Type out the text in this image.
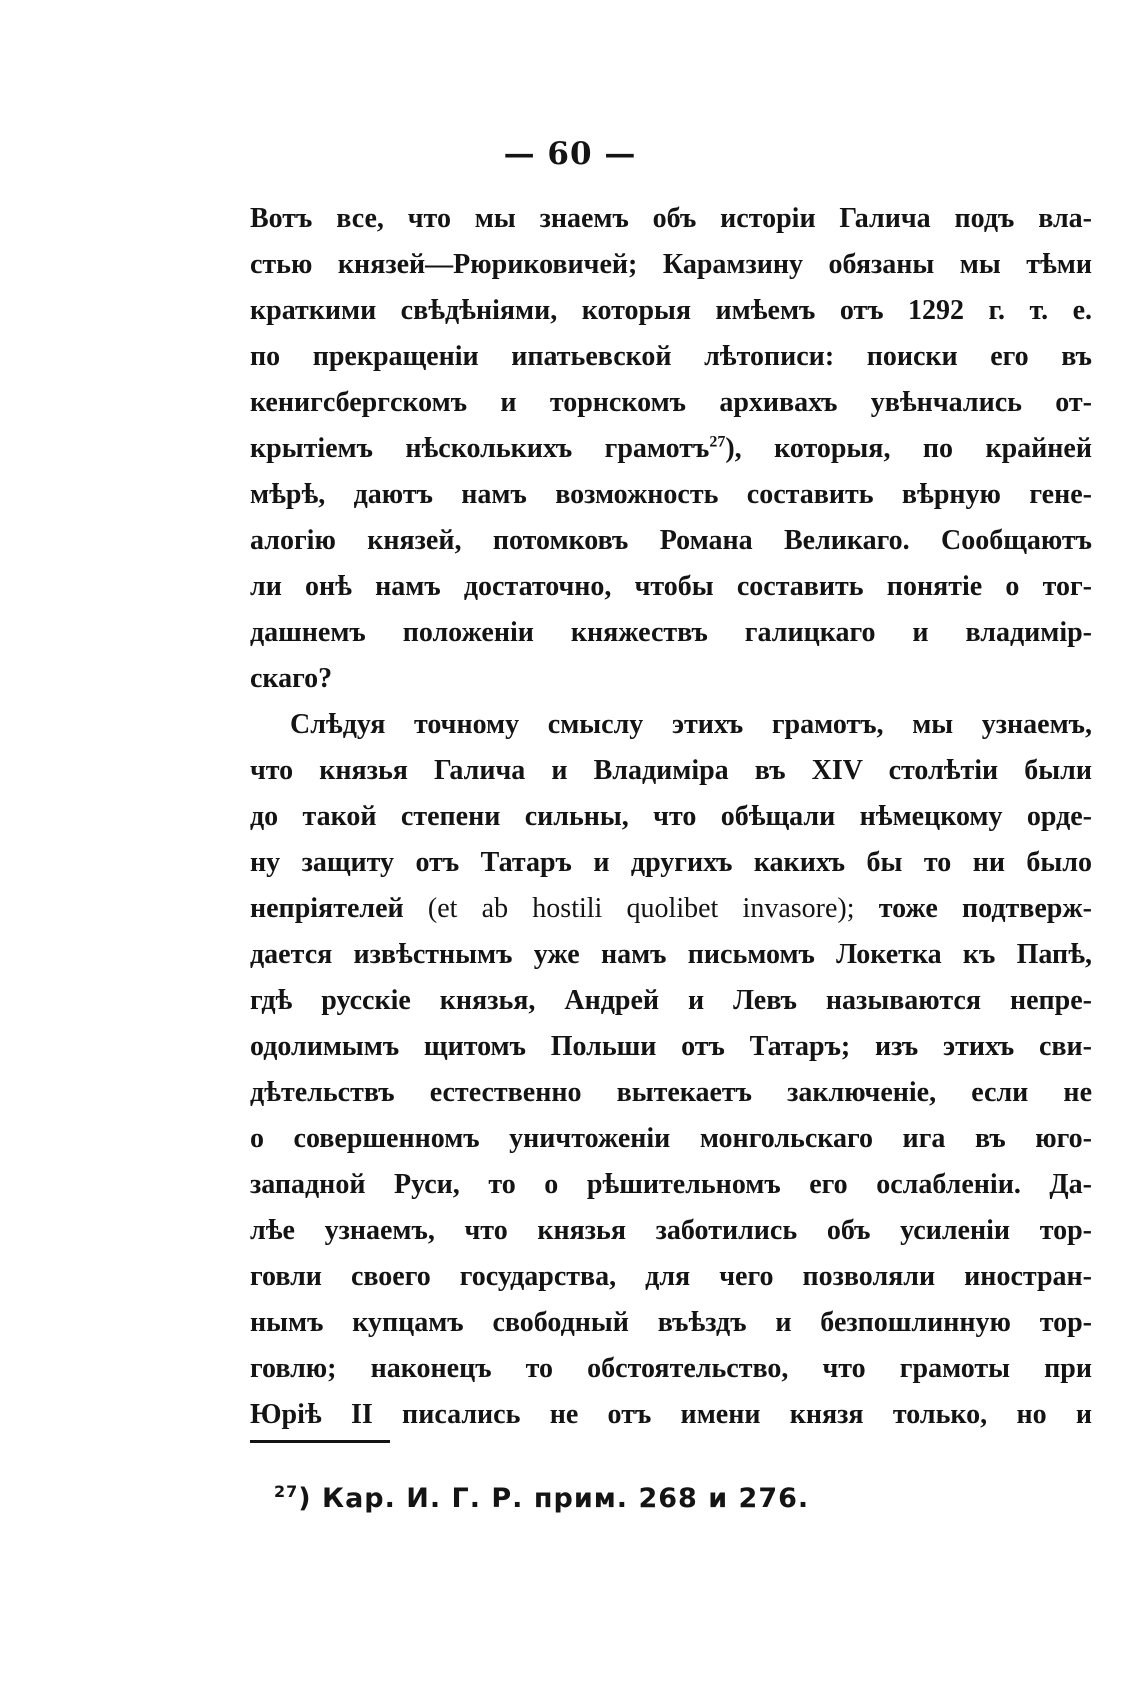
— 60 —
Вотъ все, что мы знаемъ объ исторіи Галича подъ вла-
стью князей—Рюриковичей; Карамзину обязаны мы тѣми
краткими свѣдѣніями, которыя имѣемъ отъ 1292 г. т. е.
по прекращеніи ипатьевской лѣтописи: поиски его въ
кенигсбергскомъ и торнскомъ архивахъ увѣнчались от-
крытіемъ нѣсколькихъ грамотъ$^{27}$), которыя, по крайней
мѣрѣ, даютъ намъ возможность составить вѣрную гене-
алогію князей, потомковъ Романа Великаго. Сообщаютъ
ли онѣ намъ достаточно, чтобы составить понятіе о тог-
дашнемъ положеніи княжествъ галицкаго и владимір-
скаго?
Слѣдуя точному смыслу этихъ грамотъ, мы узнаемъ,
что князья Галича и Владиміра въ XIV столѣтіи были
до такой степени сильны, что обѣщали нѣмецкому орде-
ну защиту отъ Татаръ и другихъ какихъ бы то ни было
непріятелей (et ab hostili quolibet invasore); тоже подтверж-
дается извѣстнымъ уже намъ письмомъ Локетка къ Папѣ,
гдѣ русскіе князья, Андрей и Левъ называются непре-
одолимымъ щитомъ Польши отъ Татаръ; изъ этихъ сви-
дѣтельствъ естественно вытекаетъ заключеніе, если не
о совершенномъ уничтоженіи монгольскаго ига въ юго-
западной Руси, то о рѣшительномъ его ослабленіи. Да-
лѣе узнаемъ, что князья заботились объ усиленіи тор-
говли своего государства, для чего позволяли иностран-
нымъ купцамъ свободный въѣздъ и безпошлинную тор-
говлю; наконецъ то обстоятельство, что грамоты при
Юріѣ II писались не отъ имени князя только, но и
$^{27}$) Кар. И. Г. Р. прим. 268 и 276.
